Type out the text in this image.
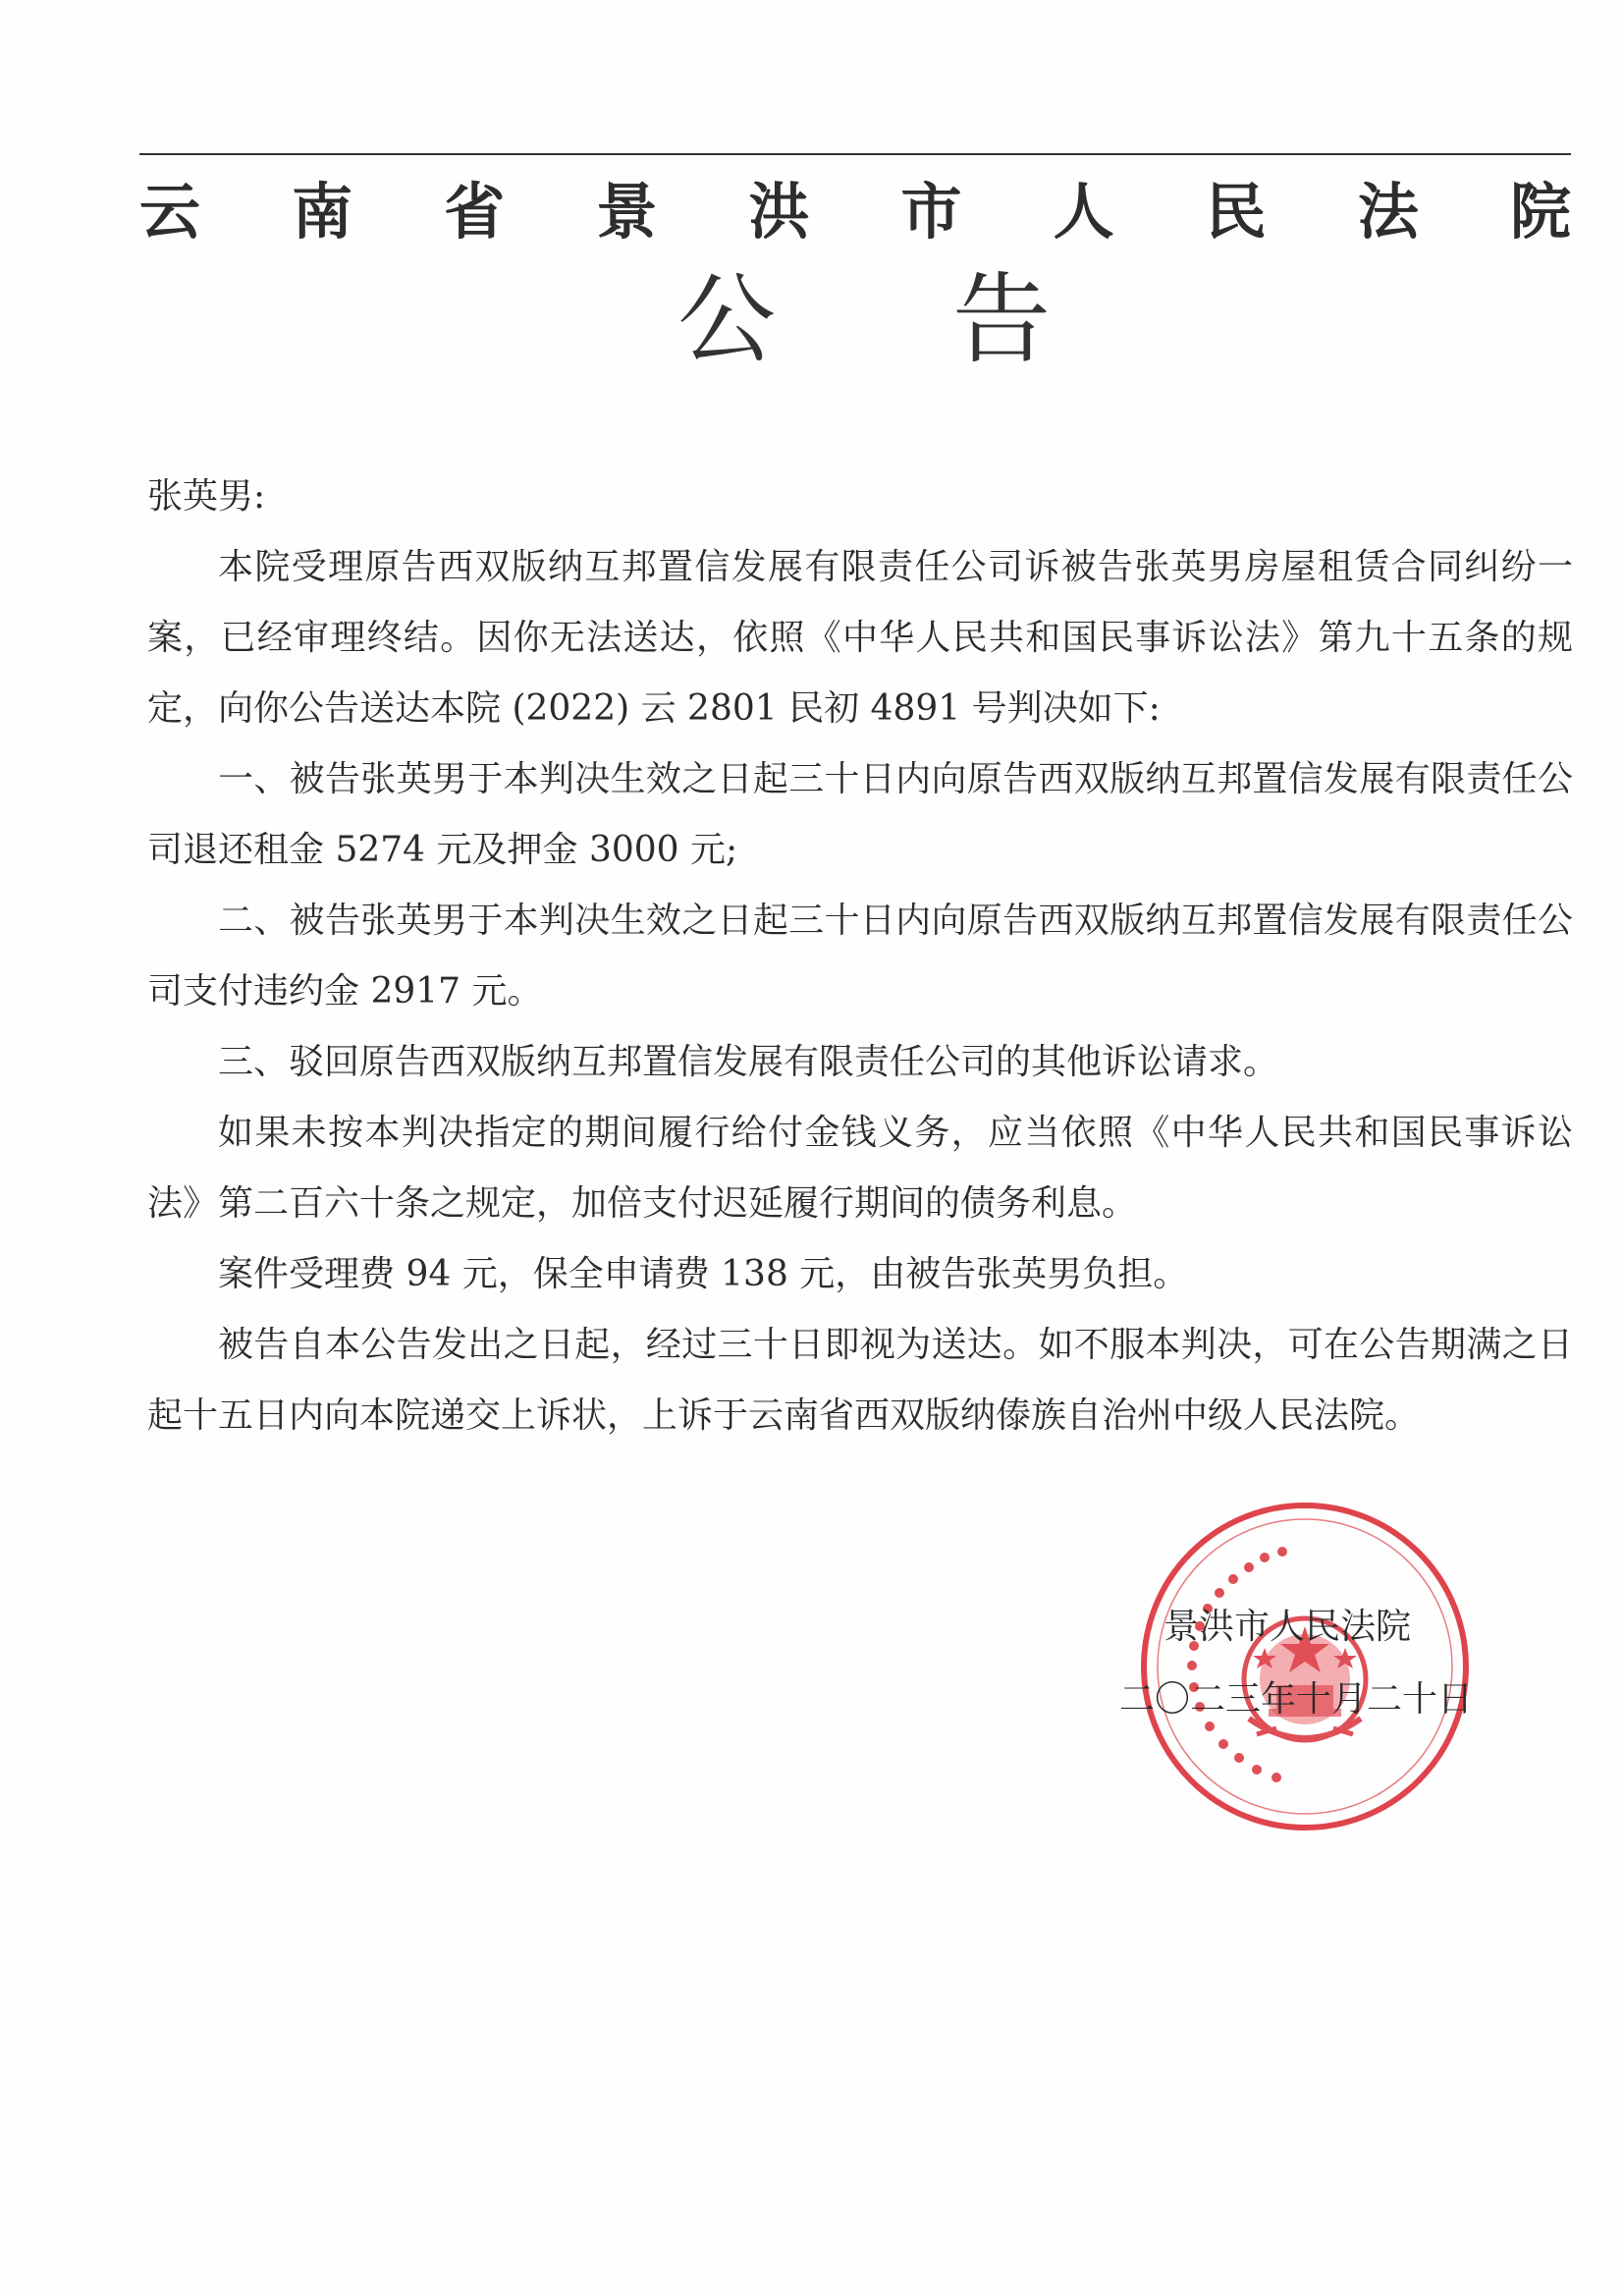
云 南 省 景 洪 市 人 民 法 院
公 告

张英男:

本院受理原告西双版纳互邦置信发展有限责任公司诉被告张英男房屋租赁合同纠纷一案，已经审理终结。因你无法送达，依照《中华人民共和国民事诉讼法》第九十五条的规定，向你公告送达本院 (2022) 云 2801 民初 4891 号判决如下:

一、被告张英男于本判决生效之日起三十日内向原告西双版纳互邦置信发展有限责任公司退还租金 5274 元及押金 3000 元;

二、被告张英男于本判决生效之日起三十日内向原告西双版纳互邦置信发展有限责任公司支付违约金 2917 元。

三、驳回原告西双版纳互邦置信发展有限责任公司的其他诉讼请求。

如果未按本判决指定的期间履行给付金钱义务，应当依照《中华人民共和国民事诉讼法》第二百六十条之规定，加倍支付迟延履行期间的债务利息。

案件受理费 94 元，保全申请费 138 元，由被告张英男负担。

被告自本公告发出之日起，经过三十日即视为送达。如不服本判决，可在公告期满之日起十五日内向本院递交上诉状，上诉于云南省西双版纳傣族自治州中级人民法院。

景洪市人民法院
二〇二三年十月二十日
